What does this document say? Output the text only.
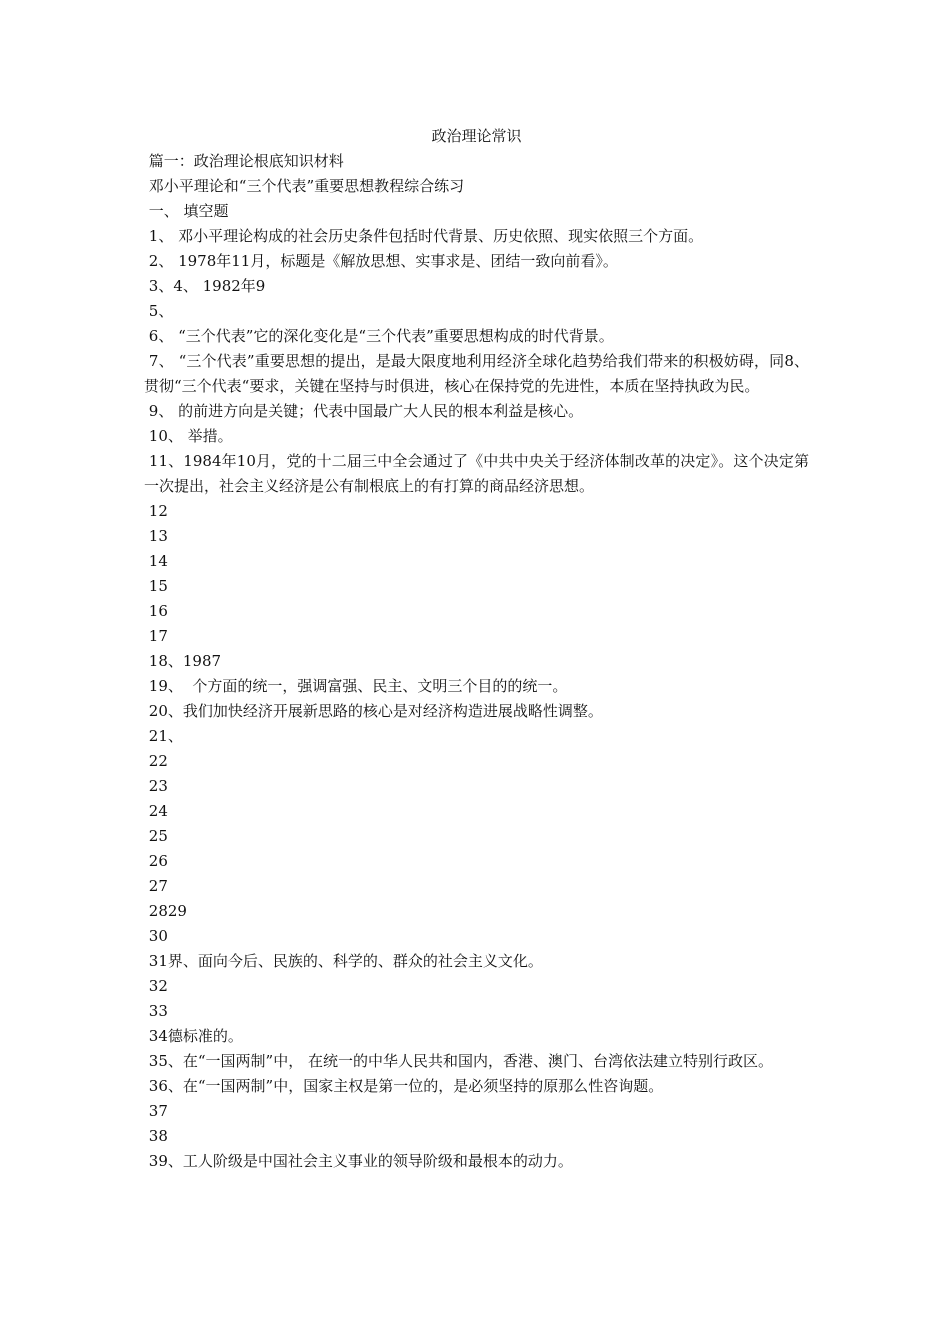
政治理论常识
篇一：政治理论根底知识材料
邓小平理论和“三个代表”重要思想教程综合练习
一、 填空题
1、 邓小平理论构成的社会历史条件包括时代背景、历史依照、现实依照三个方面。
2、 1978年11月，标题是《解放思想、实事求是、团结一致向前看》。
3、4、 1982年9
5、
6、 “三个代表”它的深化变化是“三个代表”重要思想构成的时代背景。
7、 “三个代表”重要思想的提出，是最大限度地利用经济全球化趋势给我们带来的积极妨碍，同8、 贯彻“三个代表“要求，关键在坚持与时俱进，核心在保持党的先进性，本质在坚持执政为民。
9、 的前进方向是关键；代表中国最广大人民的根本利益是核心。
10、 举措。
11、1984年10月，党的十二届三中全会通过了《中共中央关于经济体制改革的决定》。这个决定第一次提出，社会主义经济是公有制根底上的有打算的商品经济思想。
12
13
14
15
16
17
18、1987
19、  个方面的统一，强调富强、民主、文明三个目的的统一。
20、我们加快经济开展新思路的核心是对经济构造进展战略性调整。
21、
22
23
24
25
26
27
2829
30
31界、面向今后、民族的、科学的、群众的社会主义文化。
32
33
34德标准的。
35、在“一国两制”中， 在统一的中华人民共和国内，香港、澳门、台湾依法建立特别行政区。
36、在“一国两制”中，国家主权是第一位的，是必须坚持的原那么性咨询题。
37
38
39、工人阶级是中国社会主义事业的领导阶级和最根本的动力。
